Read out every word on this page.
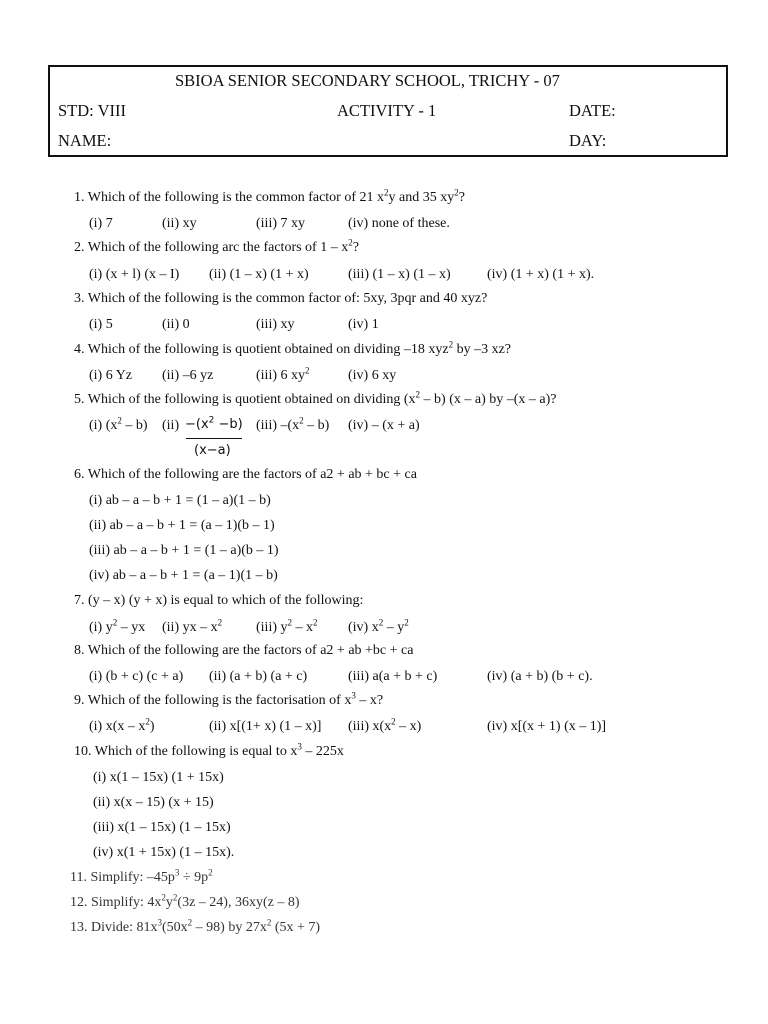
SBIOA SENIOR SECONDARY SCHOOL, TRICHY - 07
STD: VIII	ACTIVITY - 1	DATE:
NAME:	DAY:
1. Which of the following is the common factor of 21 $x^2y$ and 35 $xy^2$?
(i) 7	(ii) xy	(iii) 7 xy	(iv) none of these.
2. Which of the following arc the factors of $1 - x^2$?
(i) (x + l) (x – I) (ii) (1 – x) (1 + x)	(iii) (1 – x) (1 – x)	(iv) (1 + x) (1 + x).
3. Which of the following is the common factor of: 5xy, 3pqr and 40 xyz?
(i) 5	(ii) 0	(iii) xy	(iv) 1
4. Which of the following is quotient obtained on dividing –18 xyz$^2$ by –3 xz?
(i) 6 Yz (ii) –6 yz	(iii) 6 $xy^2$	(iv) 6 xy
5. Which of the following is quotient obtained on dividing $(x^2 - b)$ (x – a) by –(x – a)?
(i) $(x^2 - b)$ $(ii) -(x^2 -b)$
(x−a)
(iii) $-(x^2 - b)$ (iv) – (x + a)
6. Which of the following are the factors of a2 + ab + bc + ca
(i) ab – a – b + 1 = (1 – a)(1 – b)
(ii) ab – a – b + 1 = (a – 1)(b – 1)
(iii) ab – a – b + 1 = (1 – a)(b – 1)
(iv) ab – a – b + 1 = (a – 1)(1 – b)
7. (y – x) (y + x) is equal to which of the following:
(i) $y^2$ – yx (ii) yx – $x^2$ (iii) $y^2 - x^2$ (iv) $x^2 - y^2$
8. Which of the following are the factors of a2 + ab +bc + ca
(i) (b + c) (c + a) (ii) (a + b) (a + c)	(iii) a(a + b + c)	(iv) (a + b) (b + c).
9. Which of the following is the factorisation of $x^3$ – x?
(i) $x(x - x^2)$	(ii) x[(1+ x) (1 – x)] (iii) $x(x^2 - x)$	(iv) x[(x + 1) (x – 1)]
10. Which of the following is equal to $x^3 - 225x$
(i) x(1 – 15x) (1 + 15x)
(ii) x(x – 15) (x + 15)
(iii) x(1 – 15x) (1 – 15x)
(iv) x(1 + 15x) (1 – 15x).
11. Simplify: $-45p^3 \div 9p^2$
12. Simplify: $4x^2y^2(3z - 24)$, 36xy(z – 8)
13. Divide: $81x^3(50x^2 - 98)$ by $27x^2$ (5x + 7)
